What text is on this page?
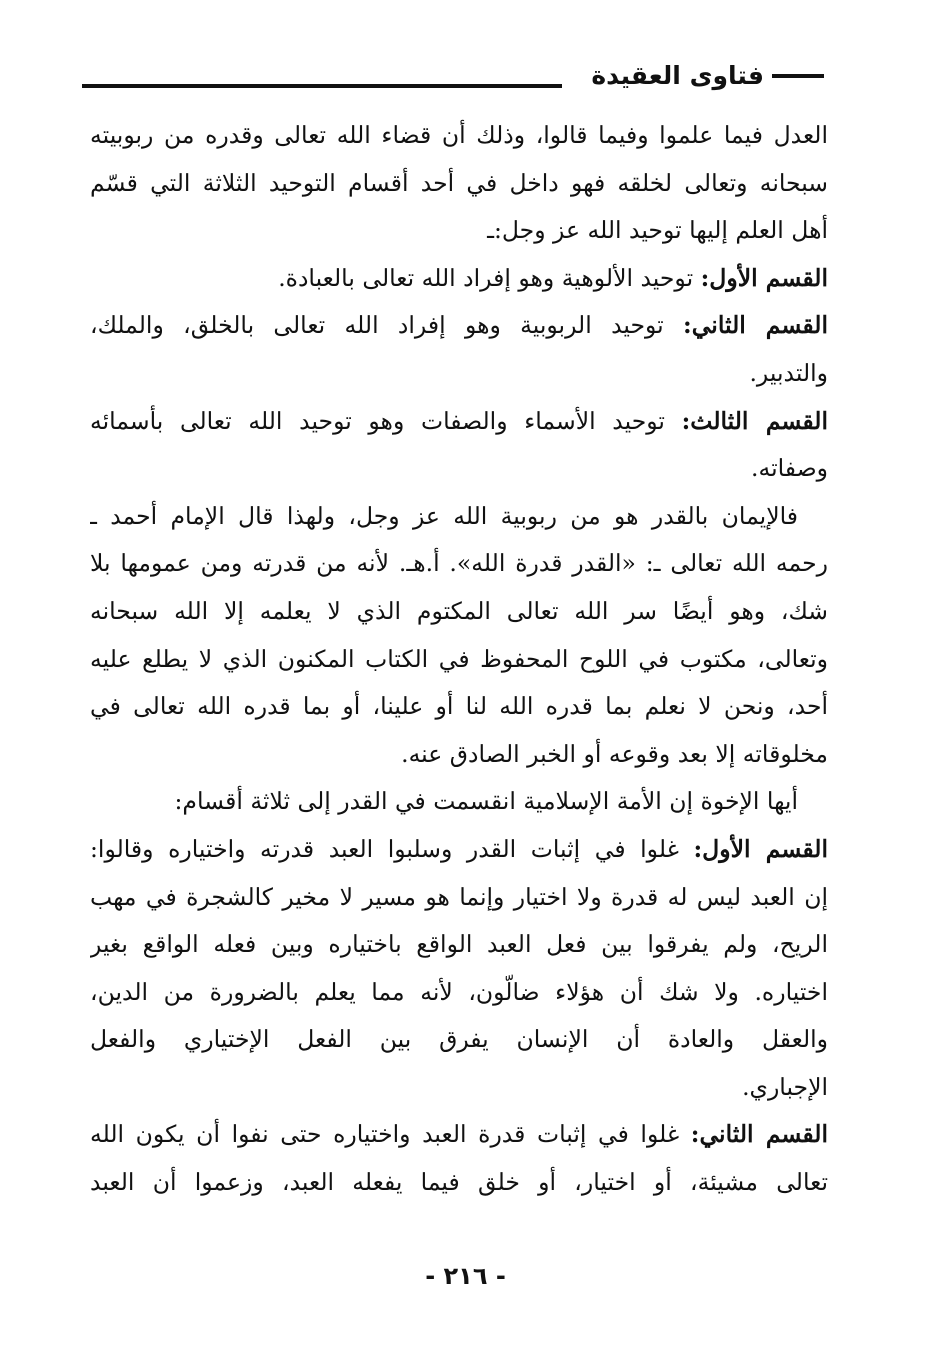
فتاوى العقيدة
العدل فيما علموا وفيما قالوا، وذلك أن قضاء الله تعالى وقدره من ربوبيته
سبحانه وتعالى لخلقه فهو داخل في أحد أقسام التوحيد الثلاثة التي قسّم
أهل العلم إليها توحيد الله عز وجل:ـ
القسم الأول: توحيد الألوهية وهو إفراد الله تعالى بالعبادة.
القسم الثاني: توحيد الربوبية وهو إفراد الله تعالى بالخلق، والملك،
والتدبير.
القسم الثالث: توحيد الأسماء والصفات وهو توحيد الله تعالى بأسمائه
وصفاته.
فالإيمان بالقدر هو من ربوبية الله عز وجل، ولهذا قال الإمام أحمد ـ
رحمه الله تعالى ـ: «القدر قدرة الله». أ.هـ. لأنه من قدرته ومن عمومها بلا
شك، وهو أيضًا سر الله تعالى المكتوم الذي لا يعلمه إلا الله سبحانه
وتعالى، مكتوب في اللوح المحفوظ في الكتاب المكنون الذي لا يطلع عليه
أحد، ونحن لا نعلم بما قدره الله لنا أو علينا، أو بما قدره الله تعالى في
مخلوقاته إلا بعد وقوعه أو الخبر الصادق عنه.
أيها الإخوة إن الأمة الإسلامية انقسمت في القدر إلى ثلاثة أقسام:
القسم الأول: غلوا في إثبات القدر وسلبوا العبد قدرته واختياره وقالوا:
إن العبد ليس له قدرة ولا اختيار وإنما هو مسير لا مخير كالشجرة في مهب
الريح، ولم يفرقوا بين فعل العبد الواقع باختياره وبين فعله الواقع بغير
اختياره. ولا شك أن هؤلاء ضالّون، لأنه مما يعلم بالضرورة من الدين،
والعقل والعادة أن الإنسان يفرق بين الفعل الإختياري والفعل
الإجباري.
القسم الثاني: غلوا في إثبات قدرة العبد واختياره حتى نفوا أن يكون الله
تعالى مشيئة، أو اختيار، أو خلق فيما يفعله العبد، وزعموا أن العبد
- ٢١٦ -
